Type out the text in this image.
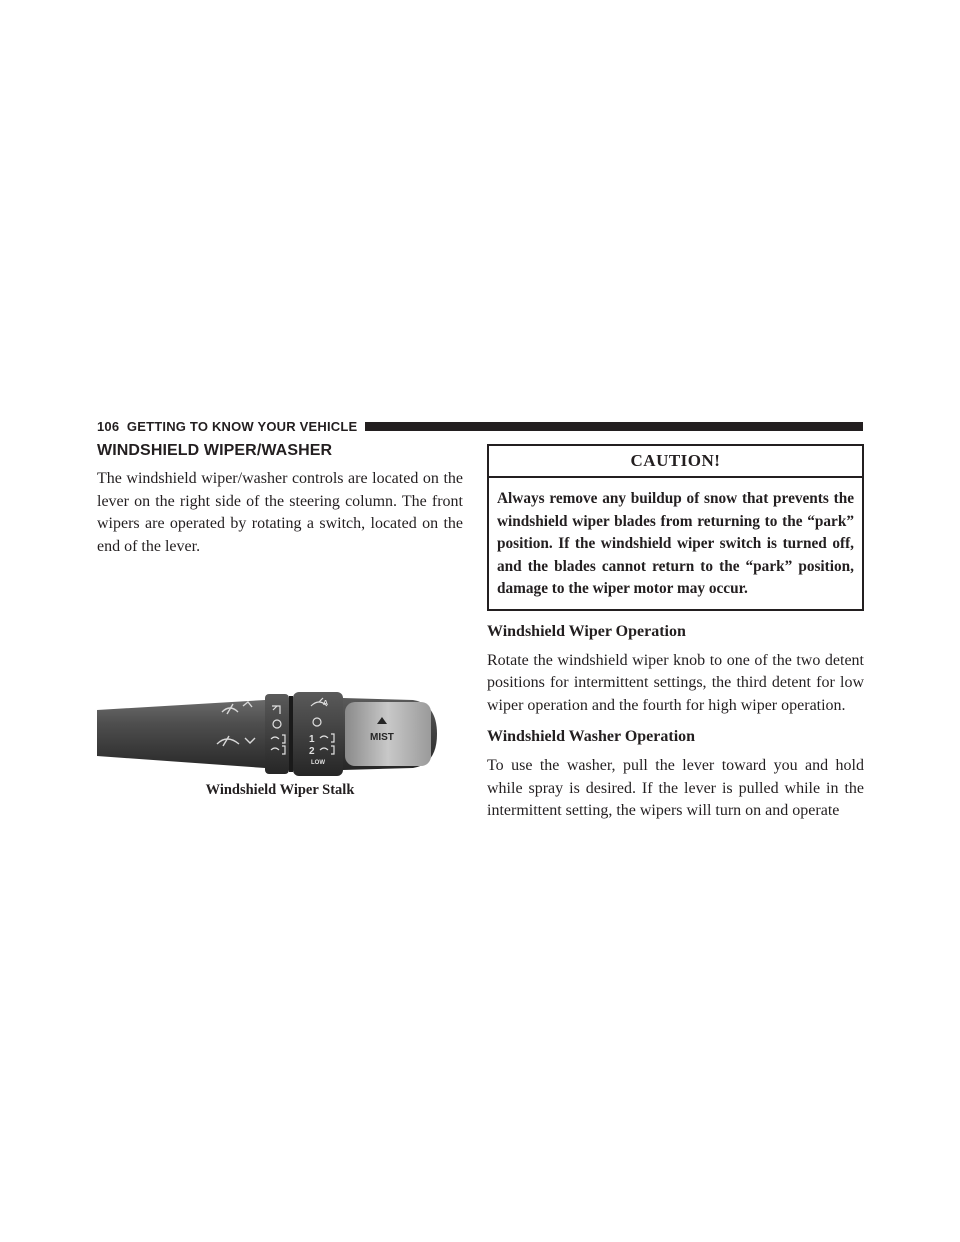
106 GETTING TO KNOW YOUR VEHICLE
WINDSHIELD WIPER/WASHER

The windshield wiper/washer controls are located on the lever on the right side of the steering column. The front wipers are operated by rotating a switch, located on the end of the lever.

A
1
2
LOW
MIST
Windshield Wiper Stalk
CAUTION!
Always remove any buildup of snow that prevents the windshield wiper blades from returning to the “park” position. If the windshield wiper switch is turned off, and the blades cannot return to the “park” position, damage to the wiper motor may occur.
Windshield Wiper Operation

Rotate the windshield wiper knob to one of the two detent positions for intermittent settings, the third detent for low wiper operation and the fourth for high wiper operation.

Windshield Washer Operation

To use the washer, pull the lever toward you and hold while spray is desired. If the lever is pulled while in the intermittent setting, the wipers will turn on and operate
